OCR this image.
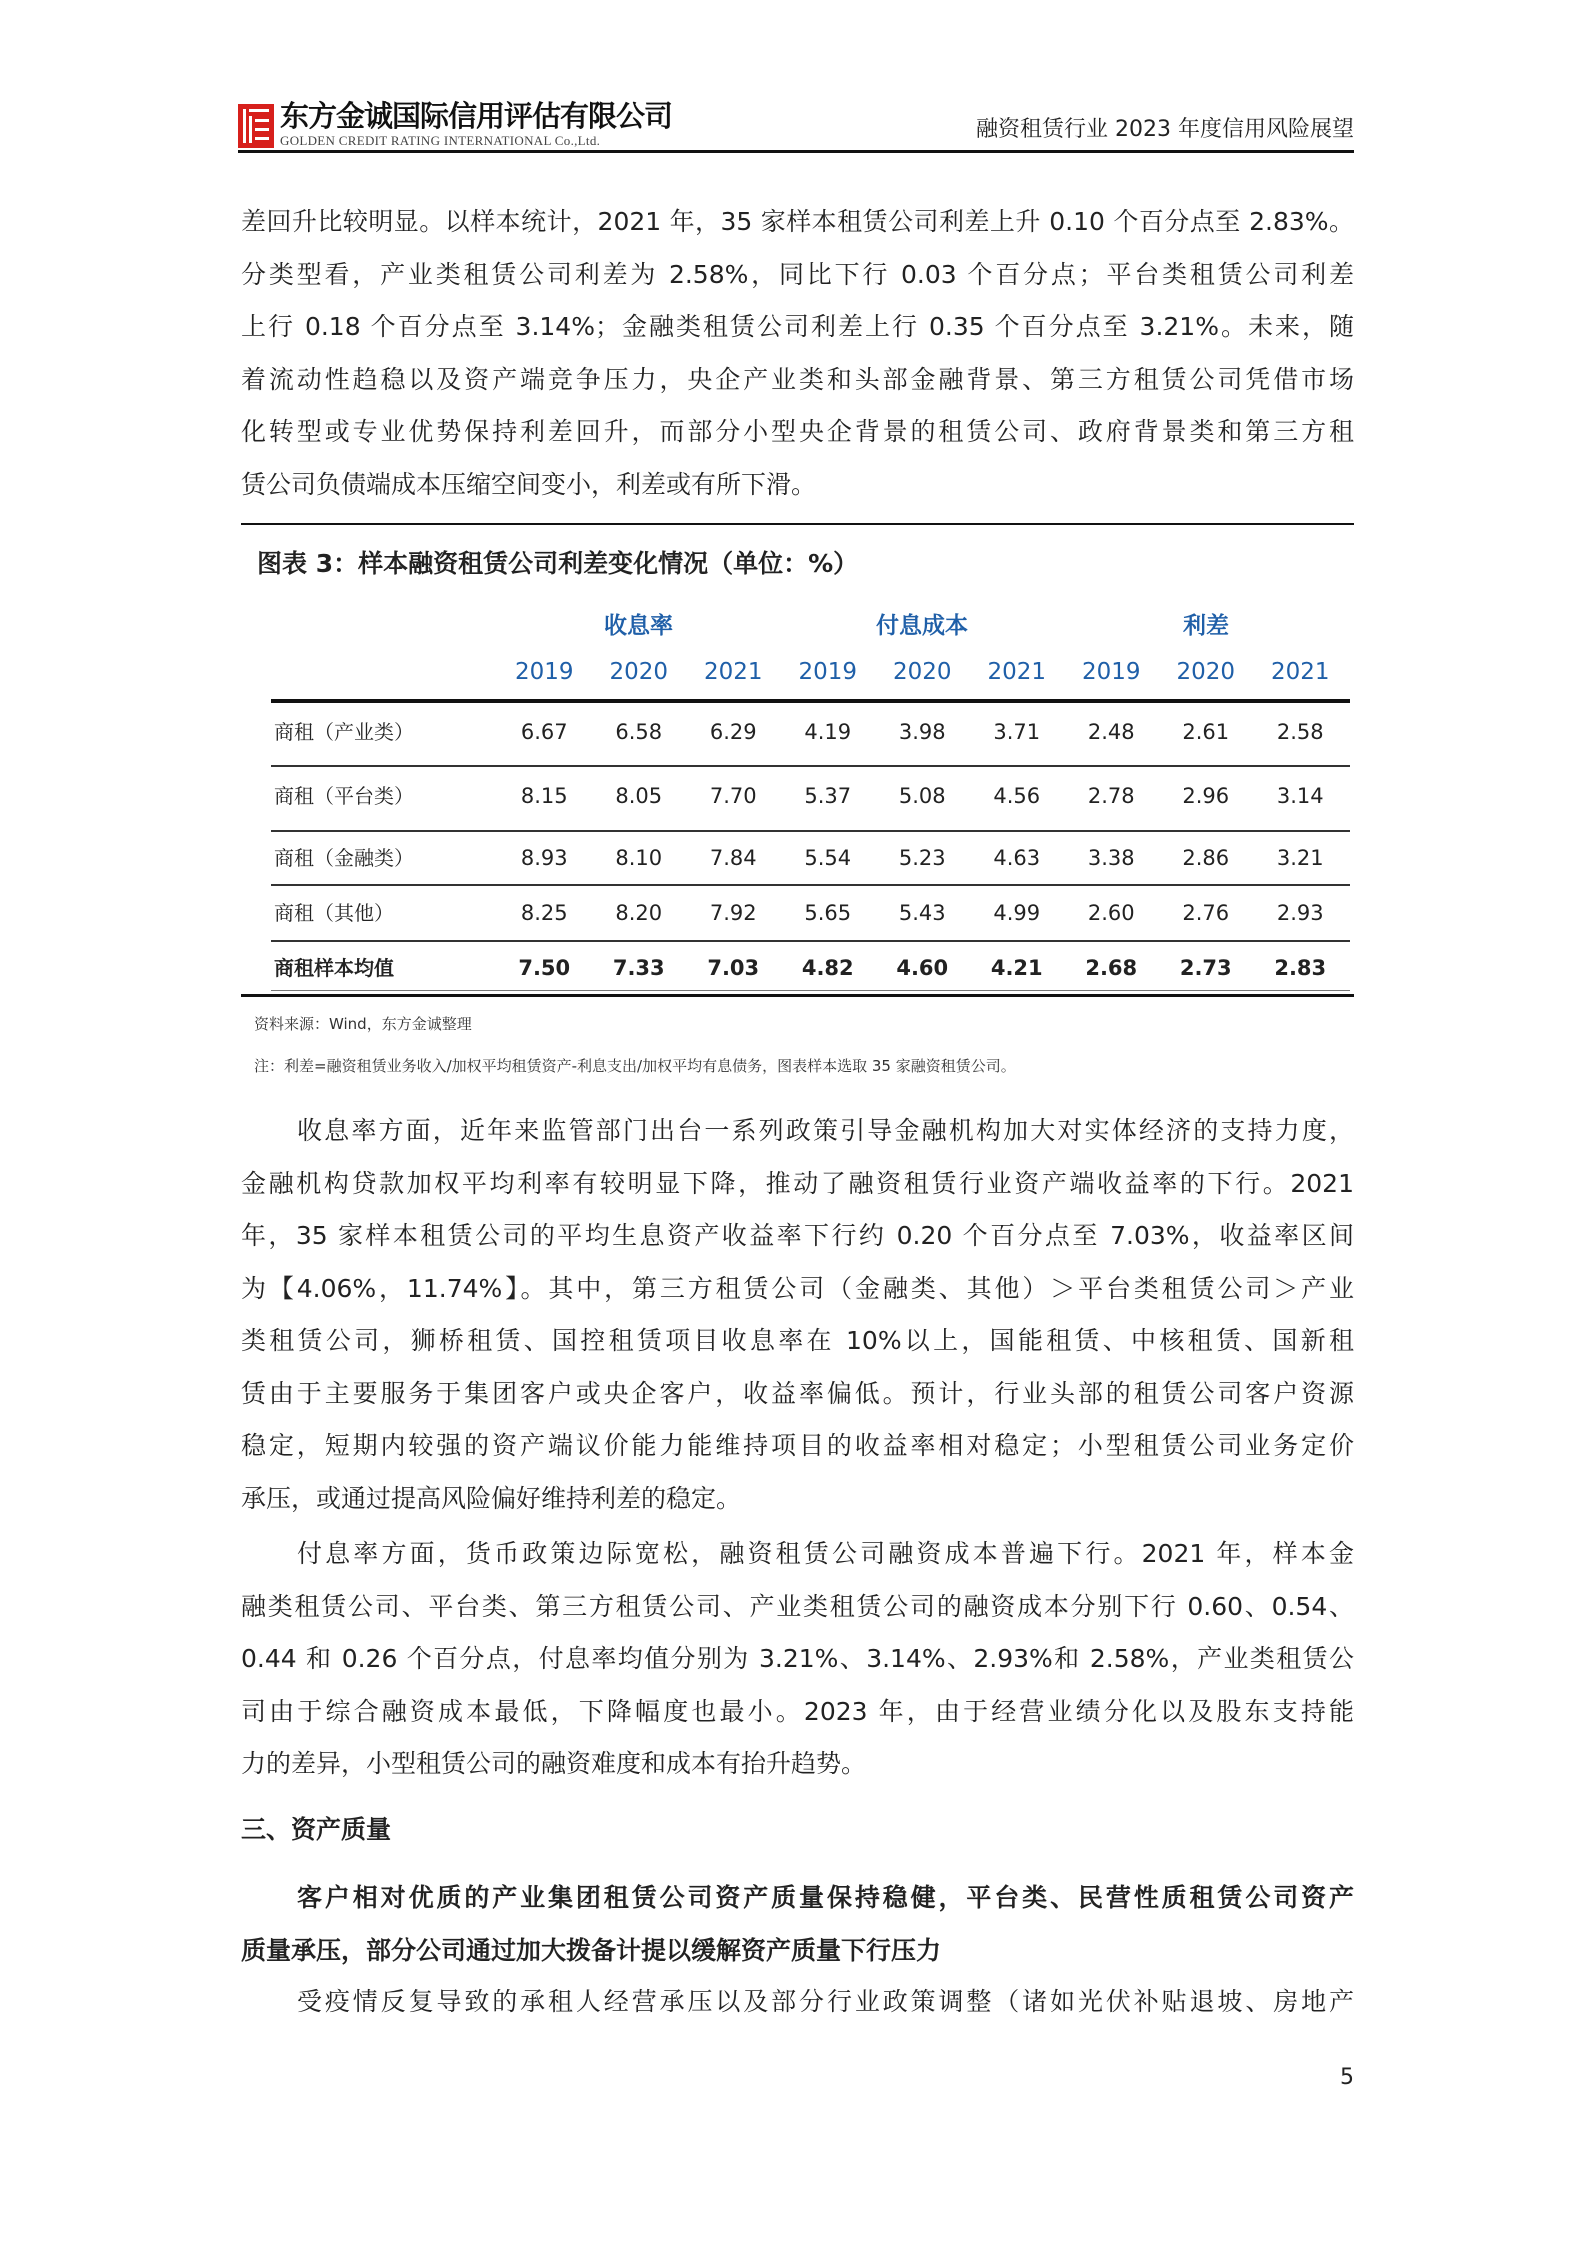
东方金诚国际信用评估有限公司
GOLDEN CREDIT RATING INTERNATIONAL Co.,Ltd.	融资租赁行业 2023 年度信用风险展望
差回升比较明显。以样本统计，2021 年，35 家样本租赁公司利差上升 0.10 个百分点至 2.83%。
分类型看，产业类租赁公司利差为 2.58%，同比下行 0.03 个百分点；平台类租赁公司利差
上行 0.18 个百分点至 3.14%；金融类租赁公司利差上行 0.35 个百分点至 3.21%。未来，随
着流动性趋稳以及资产端竞争压力，央企产业类和头部金融背景、第三方租赁公司凭借市场
化转型或专业优势保持利差回升，而部分小型央企背景的租赁公司、政府背景类和第三方租
赁公司负债端成本压缩空间变小，利差或有所下滑。
图表 3：样本融资租赁公司利差变化情况（单位：%）
收息率	付息成本	利差
2019	2020	2021	2019	2020	2021	2019	2020	2021
商租（产业类）	6.67	6.58	6.29	4.19	3.98	3.71	2.48	2.61	2.58
商租（平台类）	8.15	8.05	7.70	5.37	5.08	4.56	2.78	2.96	3.14
商租（金融类）	8.93	8.10	7.84	5.54	5.23	4.63	3.38	2.86	3.21
商租（其他）	8.25	8.20	7.92	5.65	5.43	4.99	2.60	2.76	2.93
商租样本均值	7.50	7.33	7.03	4.82	4.60	4.21	2.68	2.73	2.83
资料来源：Wind，东方金诚整理
注：利差=融资租赁业务收入/加权平均租赁资产-利息支出/加权平均有息债务，图表样本选取 35 家融资租赁公司。
收息率方面，近年来监管部门出台一系列政策引导金融机构加大对实体经济的支持力度，
金融机构贷款加权平均利率有较明显下降，推动了融资租赁行业资产端收益率的下行。2021
年，35 家样本租赁公司的平均生息资产收益率下行约 0.20 个百分点至 7.03%，收益率区间
为【4.06%，11.74%】。其中，第三方租赁公司（金融类、其他）＞平台类租赁公司＞产业
类租赁公司，狮桥租赁、国控租赁项目收息率在 10%以上，国能租赁、中核租赁、国新租
赁由于主要服务于集团客户或央企客户，收益率偏低。预计，行业头部的租赁公司客户资源
稳定，短期内较强的资产端议价能力能维持项目的收益率相对稳定；小型租赁公司业务定价
承压，或通过提高风险偏好维持利差的稳定。
付息率方面，货币政策边际宽松，融资租赁公司融资成本普遍下行。2021 年，样本金
融类租赁公司、平台类、第三方租赁公司、产业类租赁公司的融资成本分别下行 0.60、0.54、
0.44 和 0.26 个百分点，付息率均值分别为 3.21%、3.14%、2.93%和 2.58%，产业类租赁公
司由于综合融资成本最低，下降幅度也最小。2023 年，由于经营业绩分化以及股东支持能
力的差异，小型租赁公司的融资难度和成本有抬升趋势。
三、资产质量
客户相对优质的产业集团租赁公司资产质量保持稳健，平台类、民营性质租赁公司资产
质量承压，部分公司通过加大拨备计提以缓解资产质量下行压力
受疫情反复导致的承租人经营承压以及部分行业政策调整（诸如光伏补贴退坡、房地产
5
